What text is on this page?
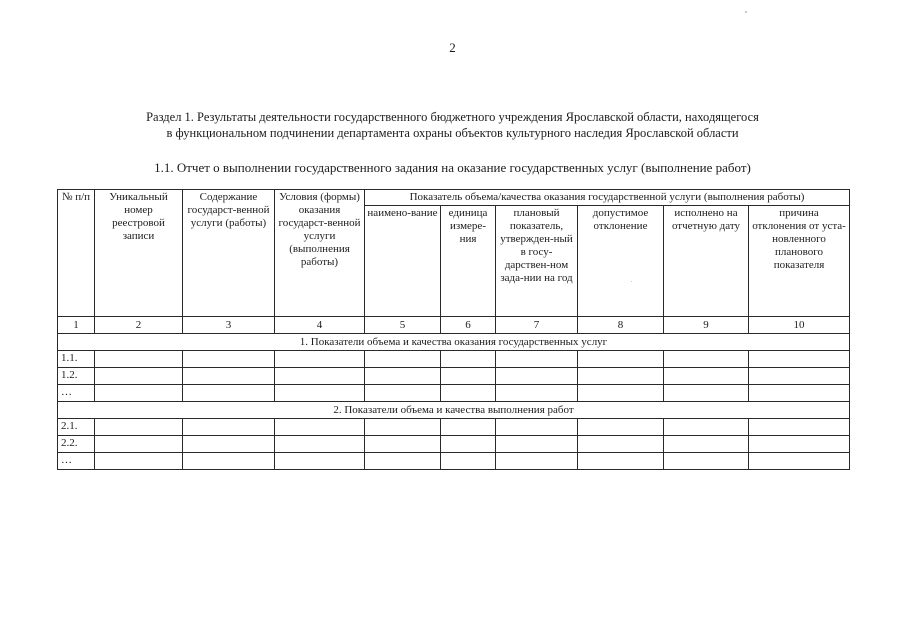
2
Раздел 1. Результаты деятельности государственного бюджетного учреждения Ярославской области, находящегося
в функциональном подчинении департамента охраны объектов культурного наследия Ярославской области
1.1. Отчет о выполнении государственного задания на оказание государственных услуг (выполнение работ)
№ п/п	Уникальный номер реестровой записи	Содержание государст-венной услуги (работы)	Условия (формы) оказания государст-венной услуги (выполнения работы)	Показатель объема/качества оказания государственной услуги (выполнения работы)					
				наимено-вание	единица измере-ния	плановый показатель, утвержден-ный в госу-дарствен-ном зада-нии на год	допустимое отклонение	исполнено на отчетную дату	причина отклонения от уста-новленного планового показателя
1	2	3	4	5	6	7	8	9	10
1. Показатели объема и качества оказания государственных услуг									
1.1.									
1.2.									
…									
2. Показатели объема и качества выполнения работ									
2.1.									
2.2.									
…									
